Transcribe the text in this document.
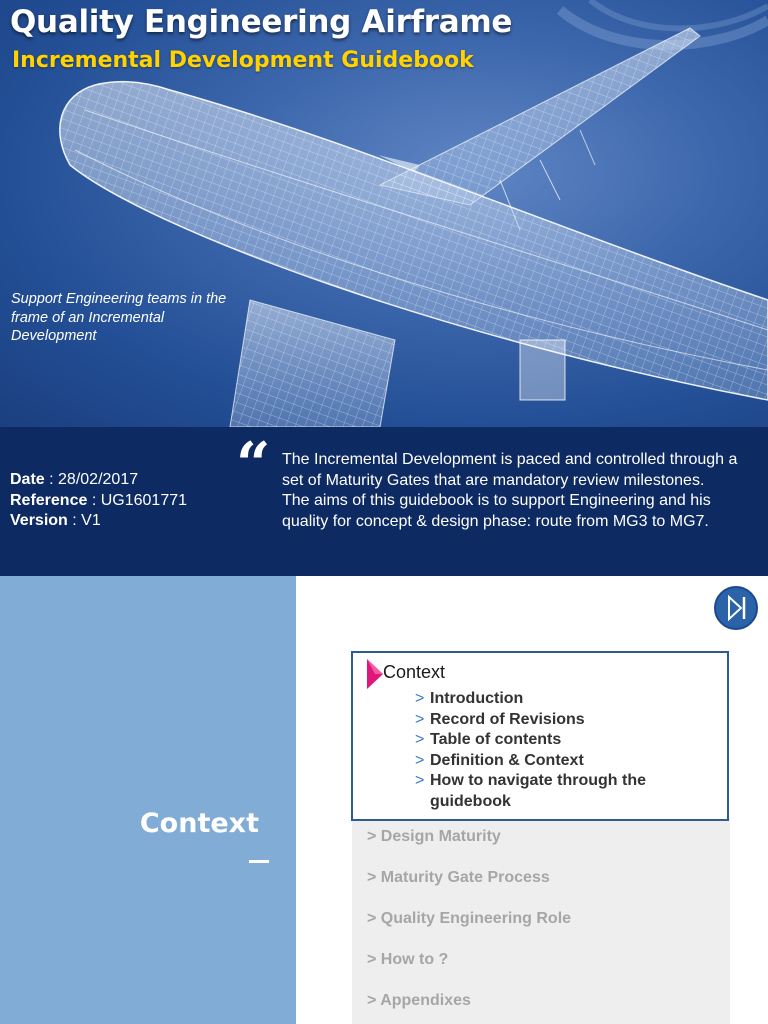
Quality Engineering Airframe
Incremental Development Guidebook

Support Engineering teams in the frame of an Incremental Development

Date : 28/02/2017
Reference : UG1601771
Version : V1
“ The Incremental Development is paced and controlled through a set of Maturity Gates that are mandatory review milestones.
The aims of this guidebook is to support Engineering and his quality for concept & design phase: route from MG3 to MG7.
Context
Context
> Introduction
> Record of Revisions
> Table of contents
> Definition & Context
> How to navigate through the guidebook
> Design Maturity
> Maturity Gate Process
> Quality Engineering Role
> How to ?
> Appendixes
